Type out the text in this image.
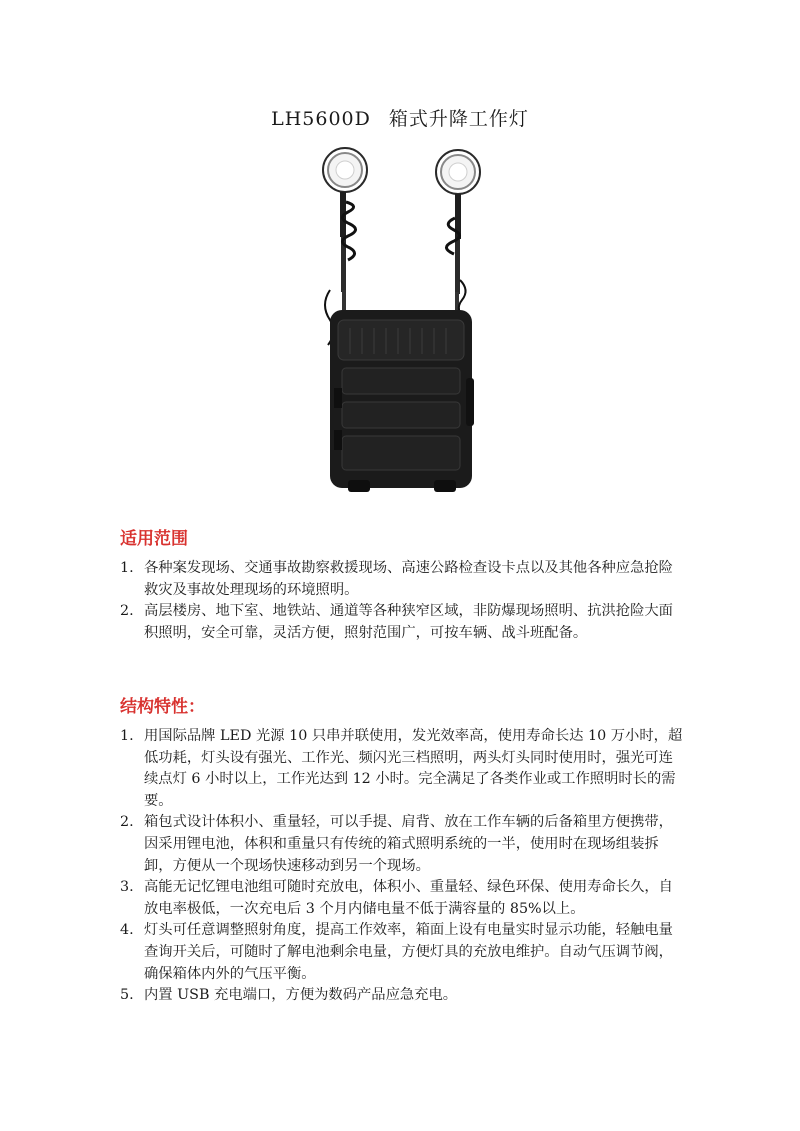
LH5600D 箱式升降工作灯
适用范围
1. 各种案发现场、交通事故勘察救援现场、高速公路检查设卡点以及其他各种应急抢险救灾及事故处理现场的环境照明。
2. 高层楼房、地下室、地铁站、通道等各种狭窄区域，非防爆现场照明、抗洪抢险大面积照明，安全可靠，灵活方便，照射范围广，可按车辆、战斗班配备。
结构特性：
1. 用国际品牌 LED 光源 10 只串并联使用，发光效率高，使用寿命长达 10 万小时，超低功耗，灯头设有强光、工作光、频闪光三档照明，两头灯头同时使用时，强光可连续点灯 6 小时以上，工作光达到 12 小时。完全满足了各类作业或工作照明时长的需要。
2. 箱包式设计体积小、重量轻，可以手提、肩背、放在工作车辆的后备箱里方便携带，因采用锂电池，体积和重量只有传统的箱式照明系统的一半，使用时在现场组装拆卸，方便从一个现场快速移动到另一个现场。
3. 高能无记忆锂电池组可随时充放电，体积小、重量轻、绿色环保、使用寿命长久，自放电率极低，一次充电后 3 个月内储电量不低于满容量的 85%以上。
4. 灯头可任意调整照射角度，提高工作效率，箱面上设有电量实时显示功能，轻触电量查询开关后，可随时了解电池剩余电量，方便灯具的充放电维护。自动气压调节阀，确保箱体内外的气压平衡。
5. 内置 USB 充电端口，方便为数码产品应急充电。
